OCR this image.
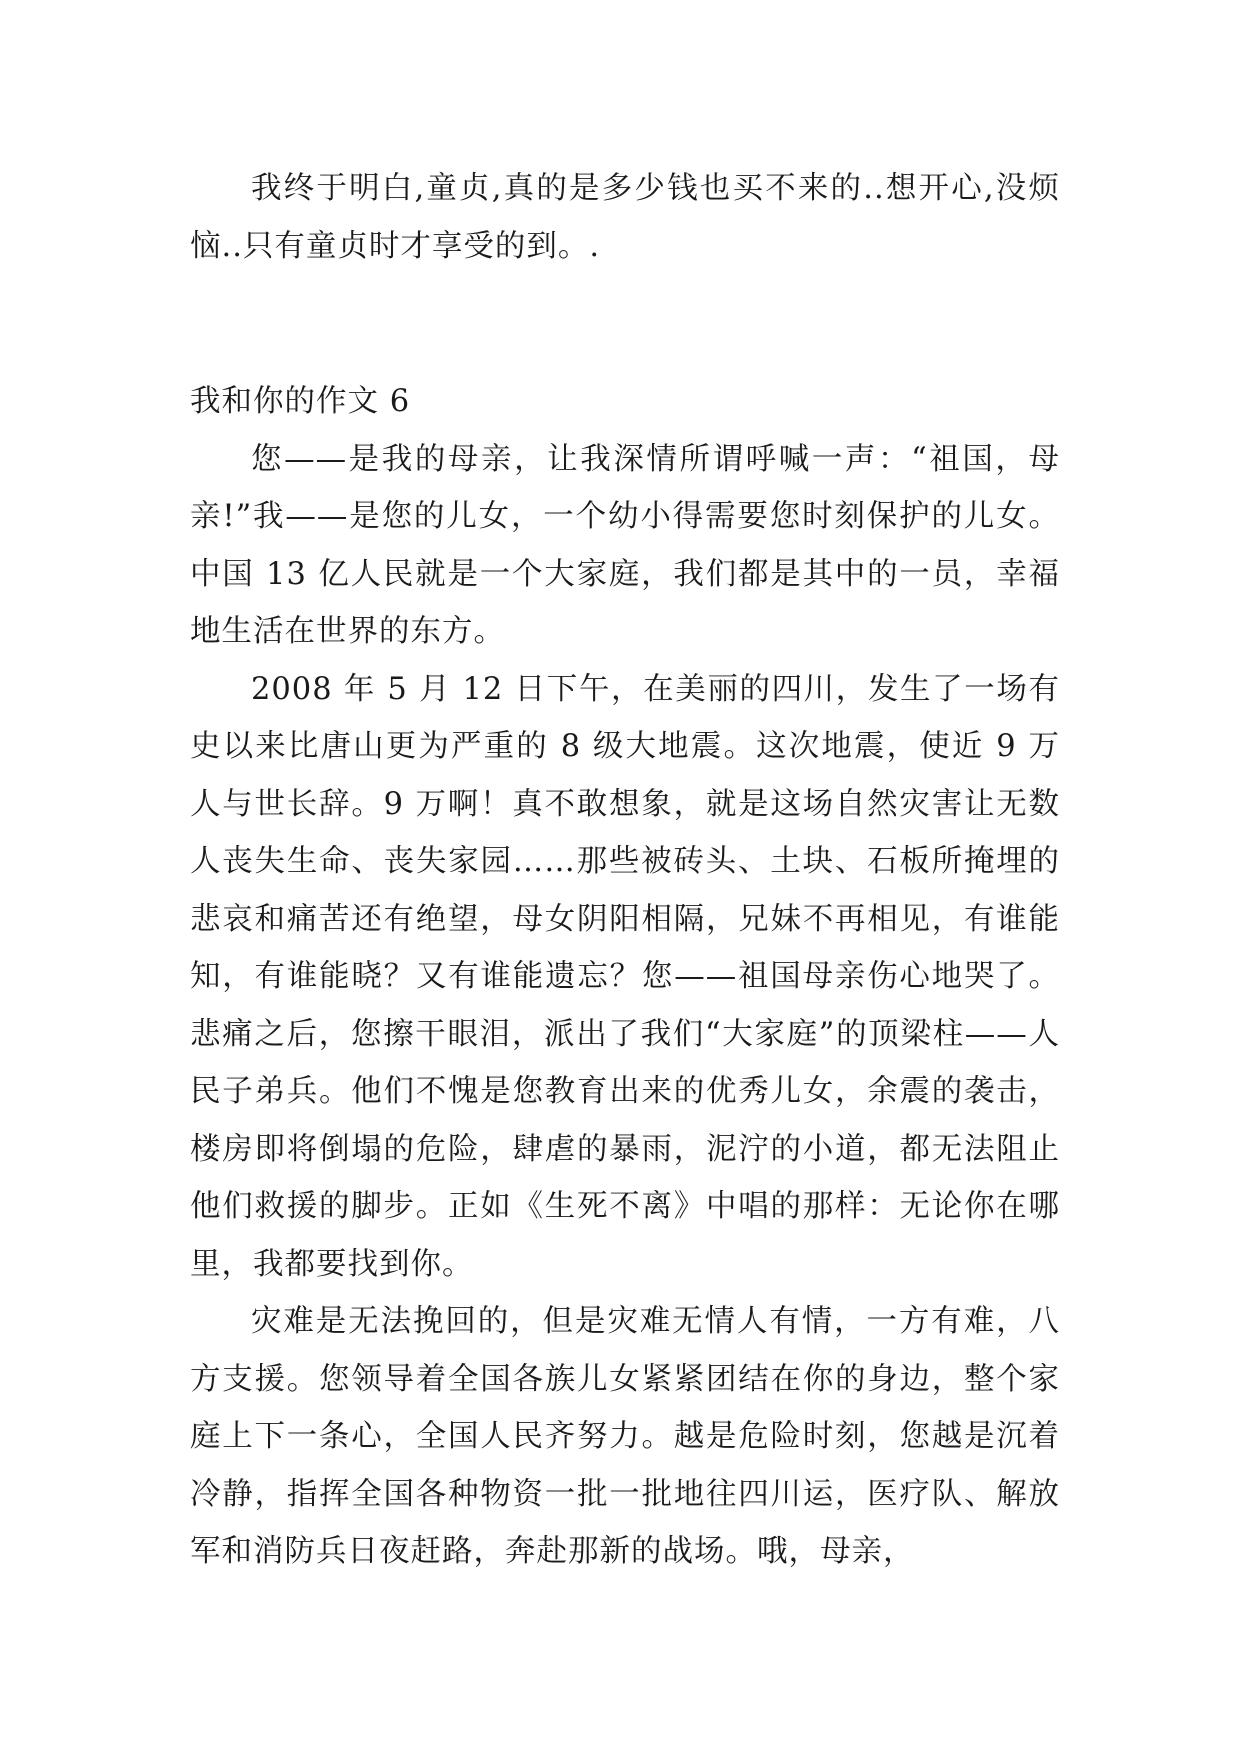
我终于明白,童贞,真的是多少钱也买不来的..想开心,没烦恼..只有童贞时才享受的到。.

我和你的作文 6

您——是我的母亲，让我深情所谓呼喊一声：“祖国，母亲!”我——是您的儿女，一个幼小得需要您时刻保护的儿女。中国 13 亿人民就是一个大家庭，我们都是其中的一员，幸福地生活在世界的东方。

2008 年 5 月 12 日下午，在美丽的四川，发生了一场有史以来比唐山更为严重的 8 级大地震。这次地震，使近 9 万人与世长辞。9 万啊！真不敢想象，就是这场自然灾害让无数人丧失生命、丧失家园……那些被砖头、土块、石板所掩埋的悲哀和痛苦还有绝望，母女阴阳相隔，兄妹不再相见，有谁能知，有谁能晓？又有谁能遗忘？您——祖国母亲伤心地哭了。悲痛之后，您擦干眼泪，派出了我们“大家庭”的顶梁柱——人民子弟兵。他们不愧是您教育出来的优秀儿女，余震的袭击，楼房即将倒塌的危险，肆虐的暴雨，泥泞的小道，都无法阻止他们救援的脚步。正如《生死不离》中唱的那样：无论你在哪里，我都要找到你。

灾难是无法挽回的，但是灾难无情人有情，一方有难，八方支援。您领导着全国各族儿女紧紧团结在你的身边，整个家庭上下一条心，全国人民齐努力。越是危险时刻，您越是沉着冷静，指挥全国各种物资一批一批地往四川运，医疗队、解放军和消防兵日夜赶路，奔赴那新的战场。哦，母亲，
